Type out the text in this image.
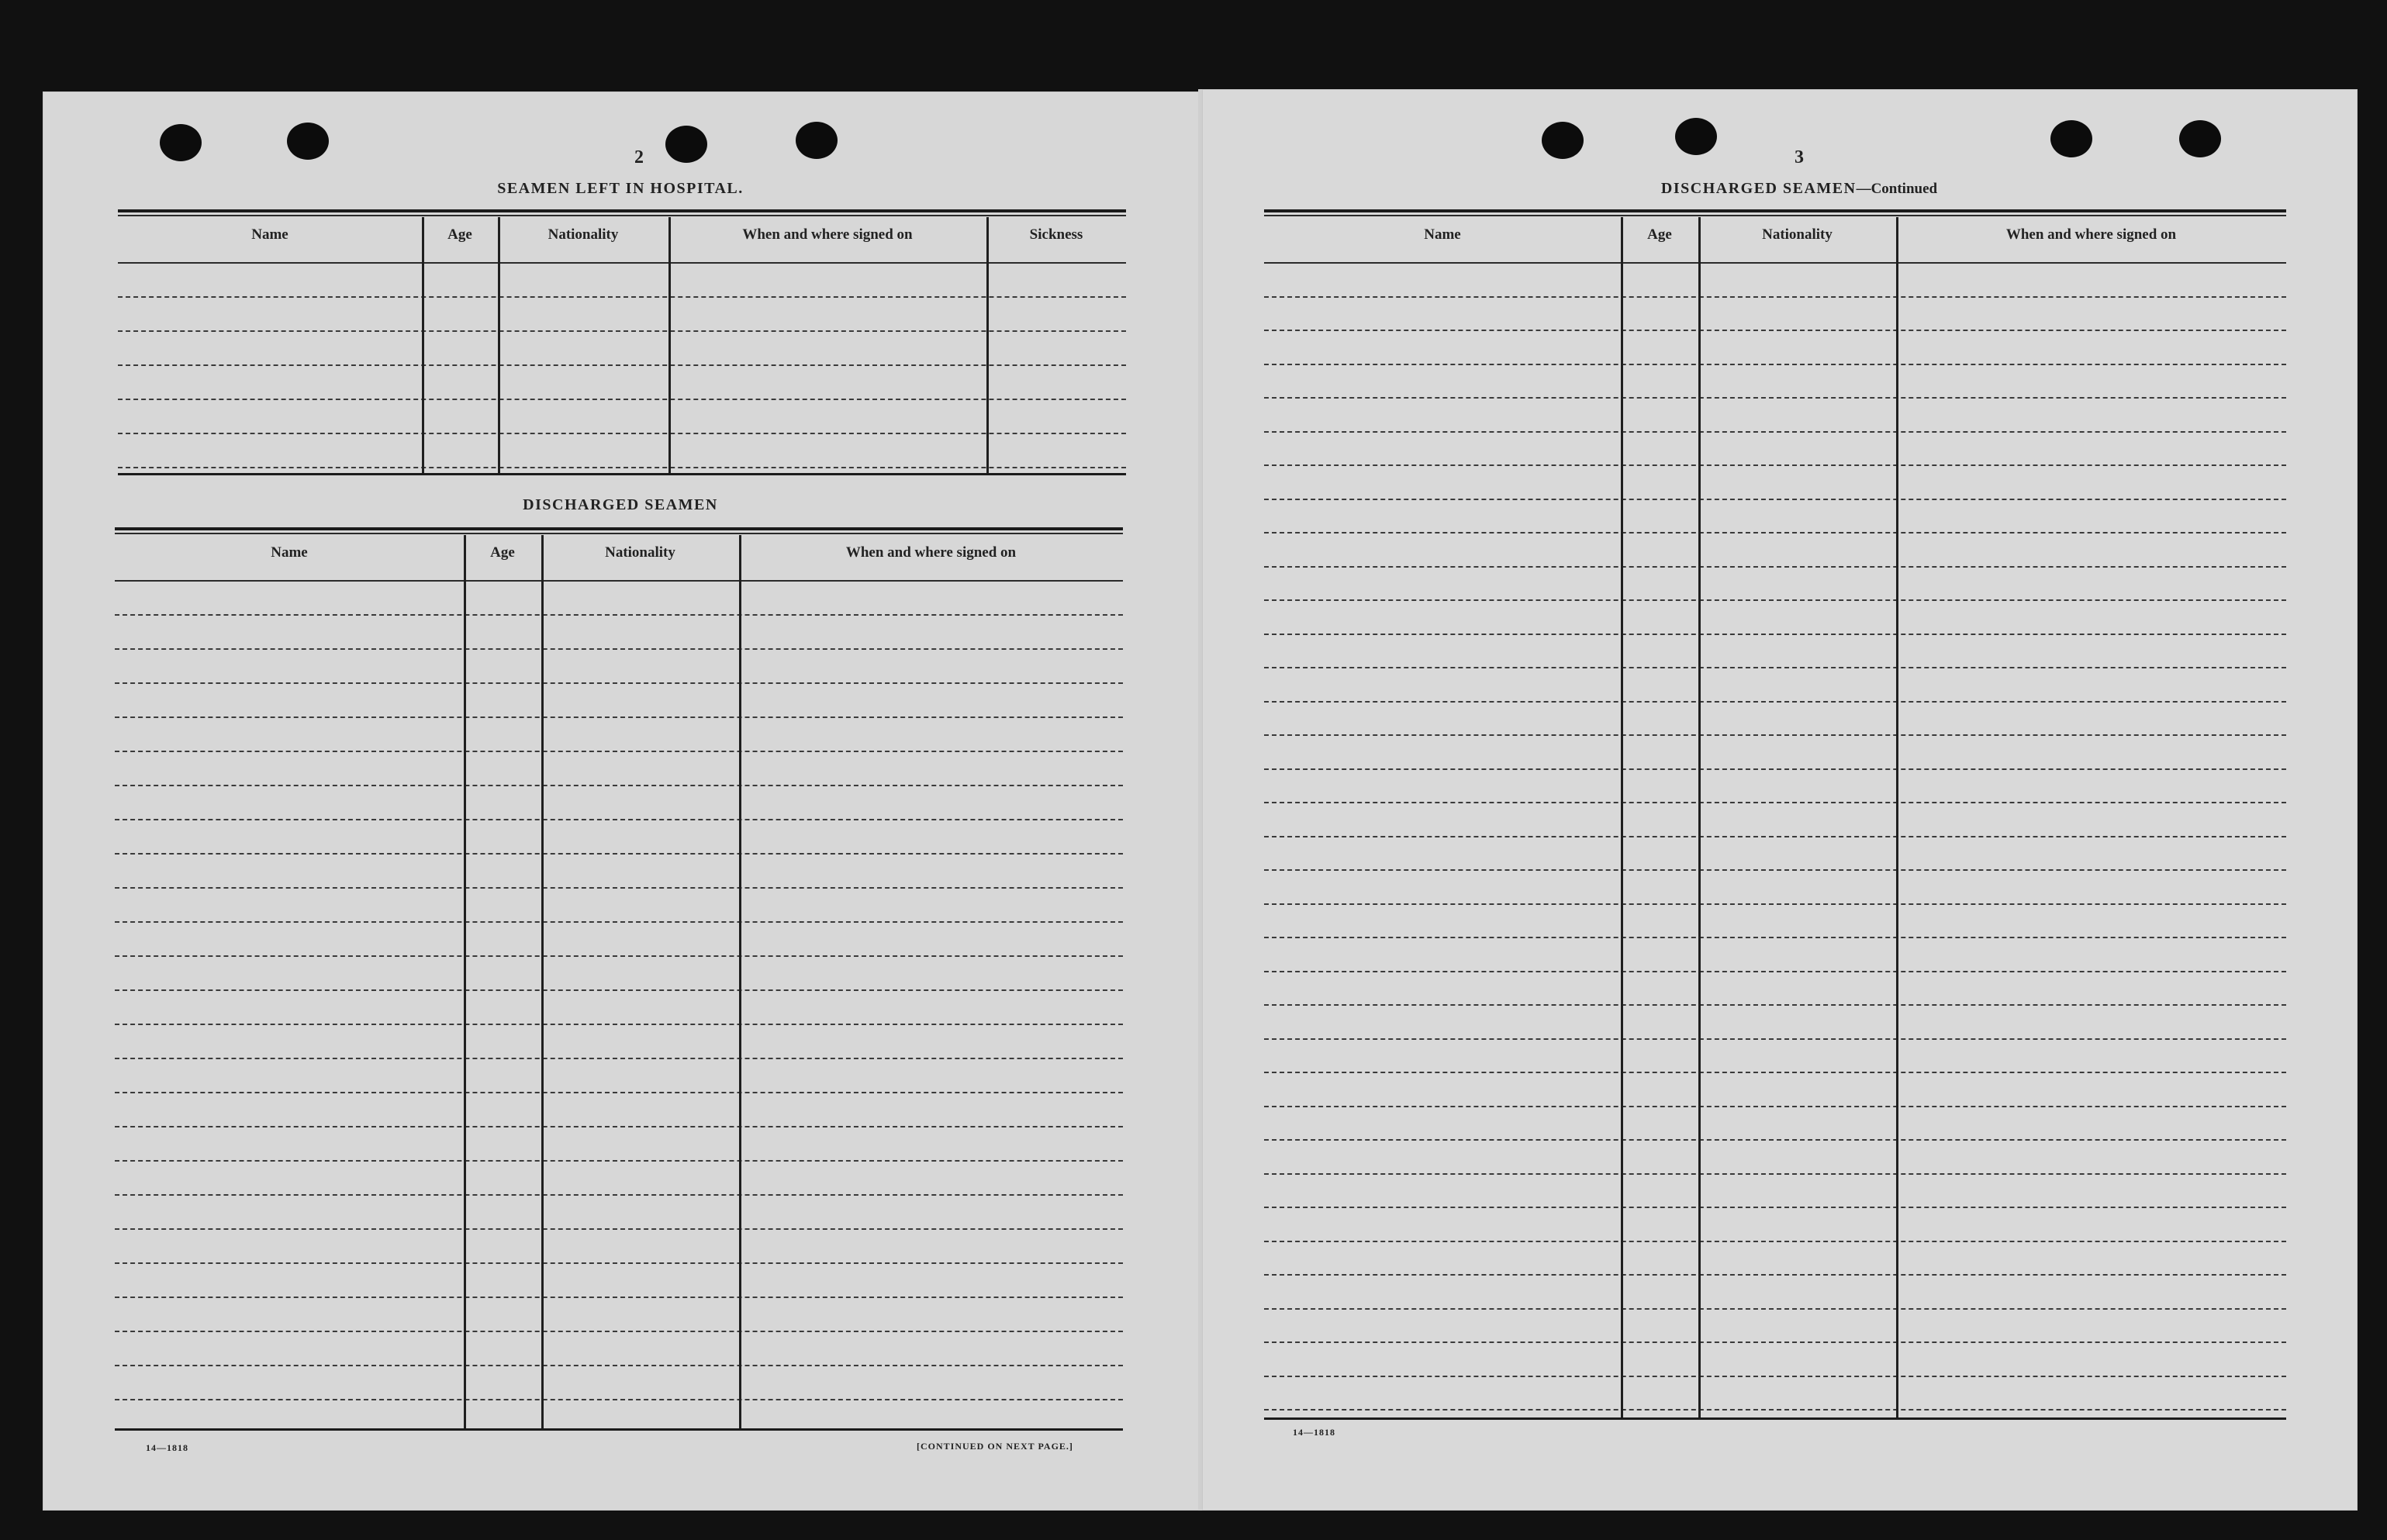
2
SEAMEN LEFT IN HOSPITAL.
Name	Age	Nationality	When and where signed on	Sickness
DISCHARGED SEAMEN
Name	Age	Nationality	When and where signed on
14—1818	[CONTINUED ON NEXT PAGE.]
3
DISCHARGED SEAMEN—Continued
Name	Age	Nationality	When and where signed on
14—1818
